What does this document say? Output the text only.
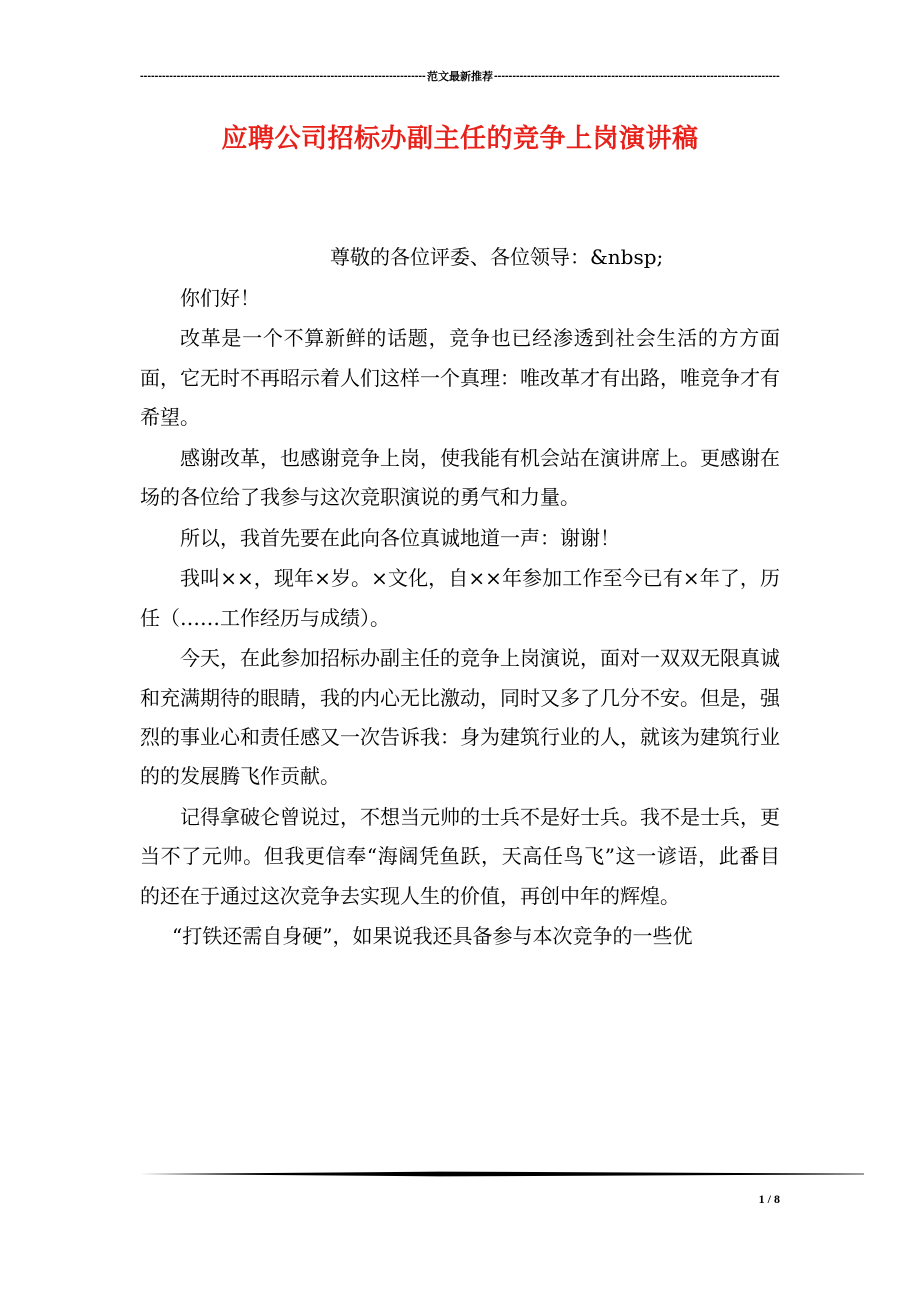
-----
范文最新推荐
-----
应聘公司招标办副主任的竞争上岗演讲稿

尊敬的各位评委、各位领导：&nbsp;

你们好！

改革是一个不算新鲜的话题，竞争也已经渗透到社会生活的方方面面，它无时不再昭示着人们这样一个真理：唯改革才有出路，唯竞争才有希望。

感谢改革，也感谢竞争上岗，使我能有机会站在演讲席上。更感谢在场的各位给了我参与这次竞职演说的勇气和力量。

所以，我首先要在此向各位真诚地道一声：谢谢！

我叫××，现年×岁。×文化，自××年参加工作至今已有×年了，历任（……工作经历与成绩）。

今天，在此参加招标办副主任的竞争上岗演说，面对一双双无限真诚和充满期待的眼睛，我的内心无比激动，同时又多了几分不安。但是，强烈的事业心和责任感又一次告诉我：身为建筑行业的人，就该为建筑行业的的发展腾飞作贡献。

记得拿破仑曾说过，不想当元帅的士兵不是好士兵。我不是士兵，更当不了元帅。但我更信奉“海阔凭鱼跃，天高任鸟飞”这一谚语，此番目的还在于通过这次竞争去实现人生的价值，再创中年的辉煌。

“打铁还需自身硬”，如果说我还具备参与本次竞争的一些优

1 / 8
